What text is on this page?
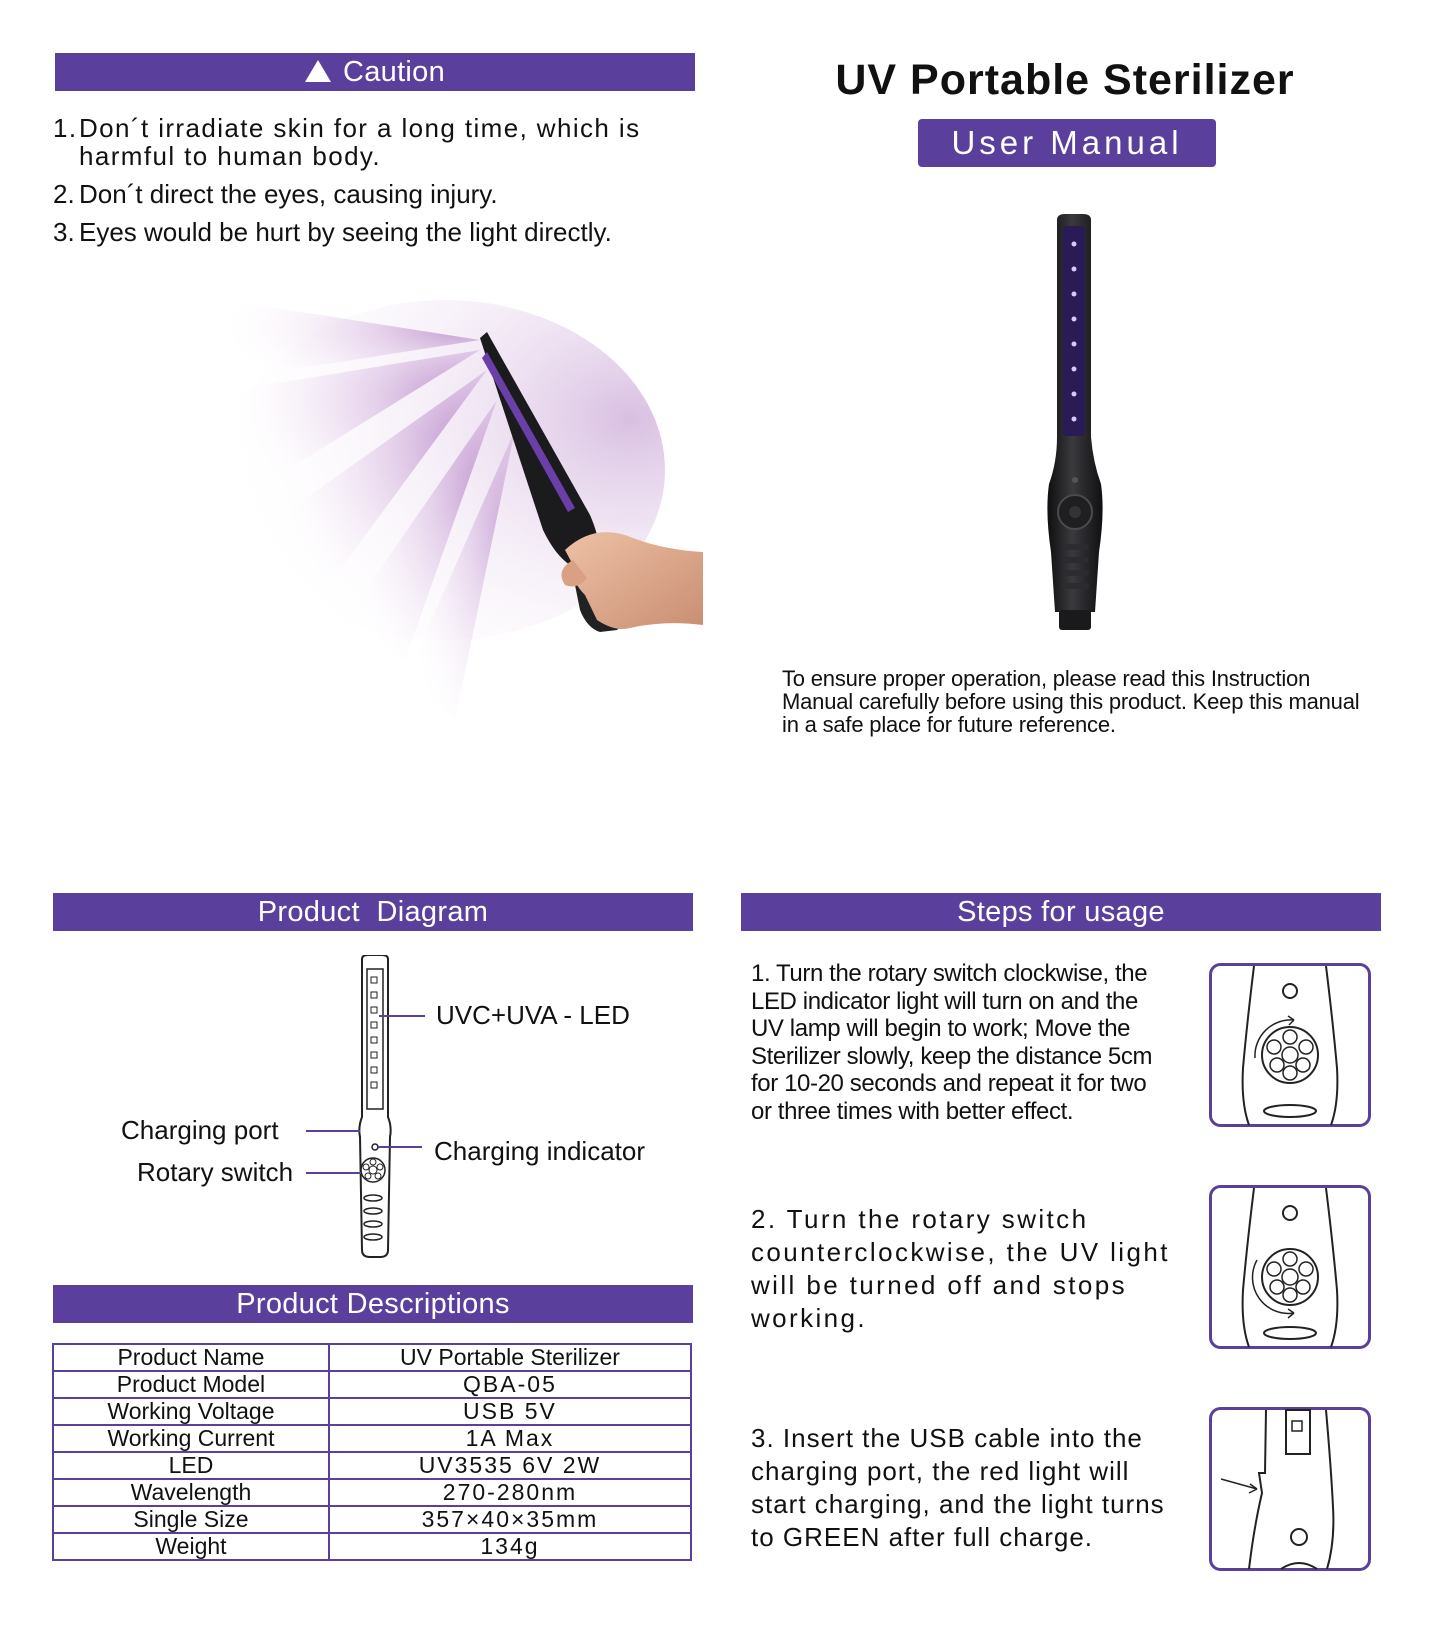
Caution
1. Don´t irradiate skin for a long time, which is harmful to human body.
2. Don´t direct the eyes, causing injury.
3. Eyes would be hurt by seeing the light directly.
UV Portable Sterilizer
User Manual
To ensure proper operation, please read this Instruction Manual carefully before using this product. Keep this manual in a safe place for future reference.
Product  Diagram
UVC+UVA - LED
Charging port
Charging indicator
Rotary switch
Product Descriptions
Product Name	UV Portable Sterilizer
Product Model	QBA-05
Working Voltage	USB 5V
Working Current	1A Max
LED	UV3535 6V 2W
Wavelength	270-280nm
Single Size	357×40×35mm
Weight	134g
Steps for usage
1. Turn the rotary switch clockwise, the LED indicator light will turn on and the UV lamp will begin to work; Move the Sterilizer slowly, keep the distance 5cm for 10-20 seconds and repeat it for two or three times with better effect.
2. Turn the rotary switch counterclockwise, the UV light will be turned off and stops working.
3. Insert the USB cable into the charging port, the red light will start charging, and the light turns to GREEN after full charge.
